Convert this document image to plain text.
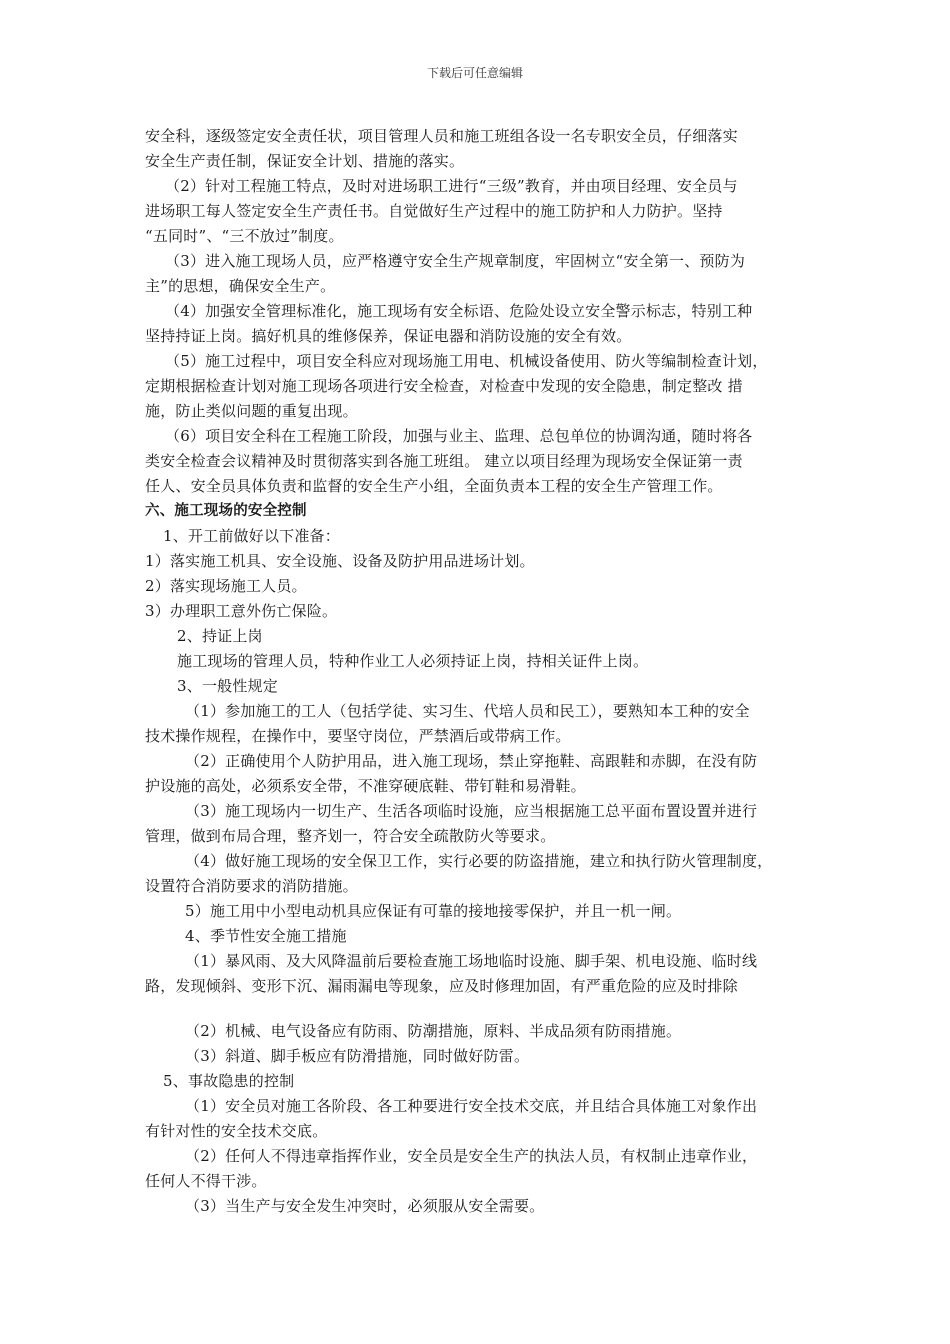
下载后可任意编辑
安全科，逐级签定安全责任状，项目管理人员和施工班组各设一名专职安全员，仔细落实
安全生产责任制，保证安全计划、措施的落实。
（2）针对工程施工特点，及时对进场职工进行“三级”教育，并由项目经理、安全员与
进场职工每人签定安全生产责任书。自觉做好生产过程中的施工防护和人力防护。坚持
“五同时”、“三不放过”制度。
（3）进入施工现场人员，应严格遵守安全生产规章制度，牢固树立“安全第一、预防为
主”的思想，确保安全生产。
（4）加强安全管理标准化，施工现场有安全标语、危险处设立安全警示标志，特别工种
坚持持证上岗。搞好机具的维修保养，保证电器和消防设施的安全有效。
（5）施工过程中，项目安全科应对现场施工用电、机械设备使用、防火等编制检查计划，
定期根据检查计划对施工现场各项进行安全检查，对检查中发现的安全隐患，制定整改 措
施，防止类似问题的重复出现。
（6）项目安全科在工程施工阶段，加强与业主、监理、总包单位的协调沟通，随时将各
类安全检查会议精神及时贯彻落实到各施工班组。 建立以项目经理为现场安全保证第一责
任人、安全员具体负责和监督的安全生产小组，全面负责本工程的安全生产管理工作。
六、施工现场的安全控制
1、开工前做好以下准备：
1）落实施工机具、安全设施、设备及防护用品进场计划。
2）落实现场施工人员。
3）办理职工意外伤亡保险。
2、持证上岗
施工现场的管理人员，特种作业工人必须持证上岗，持相关证件上岗。
3、一般性规定
（1）参加施工的工人（包括学徒、实习生、代培人员和民工），要熟知本工种的安全
技术操作规程，在操作中，要坚守岗位，严禁酒后或带病工作。
（2）正确使用个人防护用品，进入施工现场，禁止穿拖鞋、高跟鞋和赤脚，在没有防
护设施的高处，必须系安全带，不准穿硬底鞋、带钉鞋和易滑鞋。
（3）施工现场内一切生产、生活各项临时设施，应当根据施工总平面布置设置并进行
管理，做到布局合理，整齐划一，符合安全疏散防火等要求。
（4）做好施工现场的安全保卫工作，实行必要的防盗措施，建立和执行防火管理制度，
设置符合消防要求的消防措施。
5）施工用中小型电动机具应保证有可靠的接地接零保护，并且一机一闸。
4、季节性安全施工措施
（1）暴风雨、及大风降温前后要检查施工场地临时设施、脚手架、机电设施、临时线
路，发现倾斜、变形下沉、漏雨漏电等现象，应及时修理加固，有严重危险的应及时排除
（2）机械、电气设备应有防雨、防潮措施，原料、半成品须有防雨措施。
（3）斜道、脚手板应有防滑措施，同时做好防雷。
5、事故隐患的控制
（1）安全员对施工各阶段、各工种要进行安全技术交底，并且结合具体施工对象作出
有针对性的安全技术交底。
（2）任何人不得违章指挥作业，安全员是安全生产的执法人员，有权制止违章作业，
任何人不得干涉。
（3）当生产与安全发生冲突时，必须服从安全需要。
